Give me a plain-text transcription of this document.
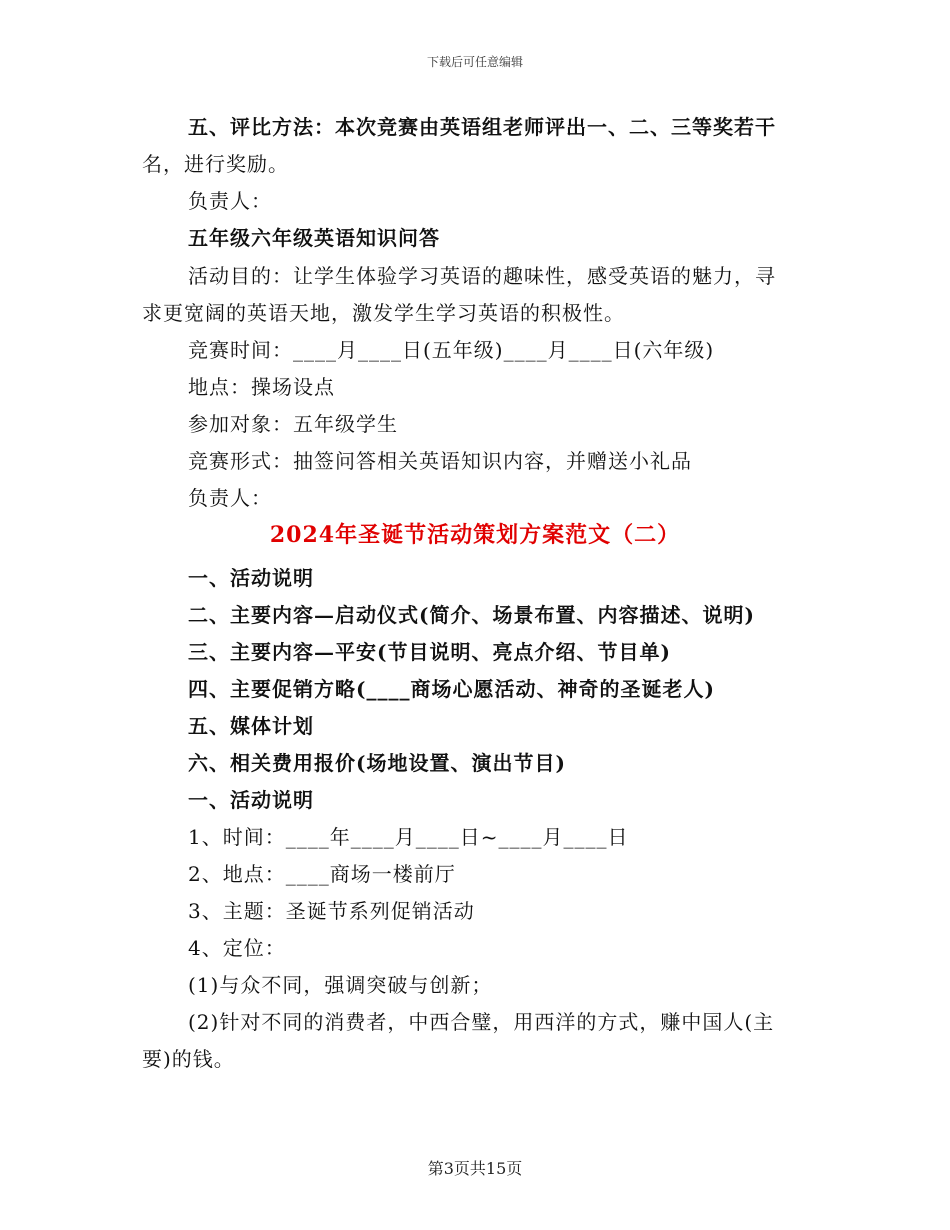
下载后可任意编辑
五、评比方法：本次竞赛由英语组老师评出一、二、三等奖若干
名，进行奖励。
负责人：
五年级六年级英语知识问答
活动目的：让学生体验学习英语的趣味性，感受英语的魅力，寻
求更宽阔的英语天地，激发学生学习英语的积极性。
竞赛时间：____月____日(五年级)____月____日(六年级)
地点：操场设点
参加对象：五年级学生
竞赛形式：抽签问答相关英语知识内容，并赠送小礼品
负责人：
2024年圣诞节活动策划方案范文（二）
一、活动说明
二、主要内容—启动仪式(简介、场景布置、内容描述、说明)
三、主要内容—平安(节目说明、亮点介绍、节目单)
四、主要促销方略(____商场心愿活动、神奇的圣诞老人)
五、媒体计划
六、相关费用报价(场地设置、演出节目)
一、活动说明
1、时间：____年____月____日~____月____日
2、地点：____商场一楼前厅
3、主题：圣诞节系列促销活动
4、定位：
(1)与众不同，强调突破与创新；
(2)针对不同的消费者，中西合璧，用西洋的方式，赚中国人(主
要)的钱。
第3页共15页
